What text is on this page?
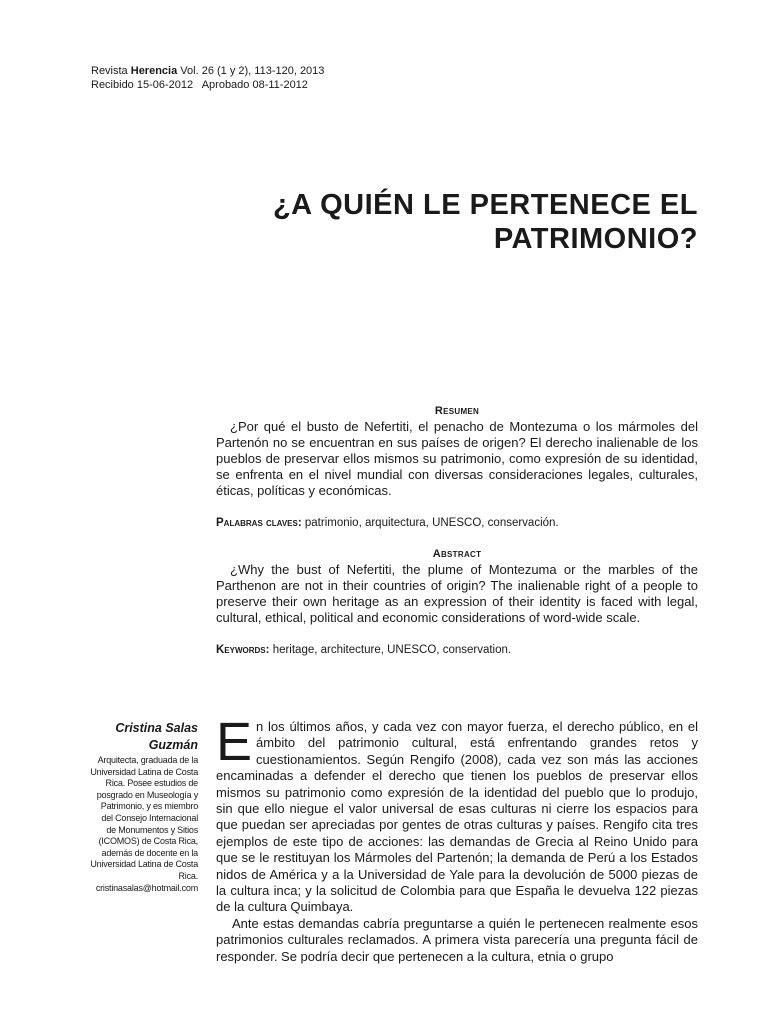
Revista Herencia Vol. 26 (1 y 2), 113-120, 2013
Recibido 15-06-2012 Aprobado 08-11-2012
¿A QUIÉN LE PERTENECE EL
PATRIMONIO?
Resumen
¿Por qué el busto de Nefertiti, el penacho de Montezuma o los mármoles del Partenón no se encuentran en sus países de origen? El derecho inalienable de los pueblos de preservar ellos mismos su patrimonio, como expresión de su identidad, se enfrenta en el nivel mundial con diversas consideraciones legales, culturales, éticas, políticas y económicas.
Palabras claves: patrimonio, arquitectura, UNESCO, conservación.
Abstract
¿Why the bust of Nefertiti, the plume of Montezuma or the marbles of the Parthenon are not in their countries of origin? The inalienable right of a people to preserve their own heritage as an expression of their identity is faced with legal, cultural, ethical, political and economic considerations of word-wide scale.
Keywords: heritage, architecture, UNESCO, conservation.
Cristina Salas
Guzmán
Arquitecta, graduada de la Universidad Latina de Costa Rica. Posee estudios de posgrado en Museología y Patrimonio, y es miembro del Consejo Internacional de Monumentos y Sitios (ICOMOS) de Costa Rica, además de docente en la Universidad Latina de Costa Rica.
cristinasalas@hotmail.com

En los últimos años, y cada vez con mayor fuerza, el derecho público, en el ámbito del patrimonio cultural, está enfrentando grandes retos y cuestionamientos. Según Rengifo (2008), cada vez son más las acciones encaminadas a defender el derecho que tienen los pueblos de preservar ellos mismos su patrimonio como expresión de la identidad del pueblo que lo produjo, sin que ello niegue el valor universal de esas culturas ni cierre los espacios para que puedan ser apreciadas por gentes de otras culturas y países. Rengifo cita tres ejemplos de este tipo de acciones: las demandas de Grecia al Reino Unido para que se le restituyan los Mármoles del Partenón; la demanda de Perú a los Estados nidos de América y a la Universidad de Yale para la devolución de 5000 piezas de la cultura inca; y la solicitud de Colombia para que España le devuelva 122 piezas de la cultura Quimbaya.

Ante estas demandas cabría preguntarse a quién le pertenecen realmente esos patrimonios culturales reclamados. A primera vista parecería una pregunta fácil de responder. Se podría decir que pertenecen a la cultura, etnia o grupo
